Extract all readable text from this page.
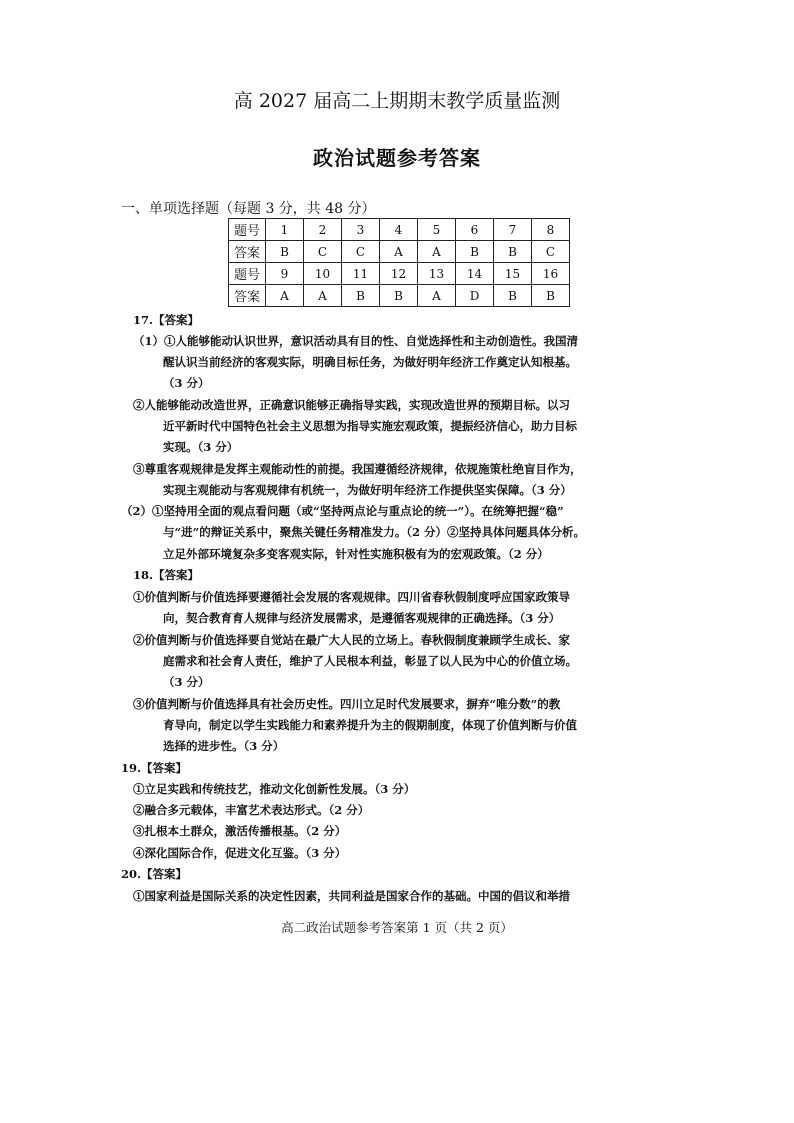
高 2027 届高二上期期末教学质量监测
政治试题参考答案
一、单项选择题（每题 3 分，共 48 分）
题号	1	2	3	4	5	6	7	8
答案	B	C	C	A	A	B	B	C
题号	9	10	11	12	13	14	15	16
答案	A	A	B	B	A	D	B	B
17.【答案】
（1）①人能够能动认识世界，意识活动具有目的性、自觉选择性和主动创造性。我国清
醒认识当前经济的客观实际，明确目标任务，为做好明年经济工作奠定认知根基。
（3 分）
②人能够能动改造世界，正确意识能够正确指导实践，实现改造世界的预期目标。以习
近平新时代中国特色社会主义思想为指导实施宏观政策，提振经济信心，助力目标
实现。（3 分）
③尊重客观规律是发挥主观能动性的前提。我国遵循经济规律，依规施策杜绝盲目作为，
实现主观能动与客观规律有机统一，为做好明年经济工作提供坚实保障。（3 分）
（2）①坚持用全面的观点看问题（或“坚持两点论与重点论的统一”）。在统筹把握“稳”
与“进”的辩证关系中，聚焦关键任务精准发力。（2 分）②坚持具体问题具体分析。
立足外部环境复杂多变客观实际，针对性实施积极有为的宏观政策。（2 分）
18.【答案】
①价值判断与价值选择要遵循社会发展的客观规律。四川省春秋假制度呼应国家政策导
向，契合教育育人规律与经济发展需求，是遵循客观规律的正确选择。（3 分）
②价值判断与价值选择要自觉站在最广大人民的立场上。春秋假制度兼顾学生成长、家
庭需求和社会育人责任，维护了人民根本利益，彰显了以人民为中心的价值立场。
（3 分）
③价值判断与价值选择具有社会历史性。四川立足时代发展要求，摒弃“唯分数”的教
育导向，制定以学生实践能力和素养提升为主的假期制度，体现了价值判断与价值
选择的进步性。（3 分）
19.【答案】
①立足实践和传统技艺，推动文化创新性发展。（3 分）
②融合多元载体，丰富艺术表达形式。（2 分）
③扎根本土群众，激活传播根基。（2 分）
④深化国际合作，促进文化互鉴。（3 分）
20.【答案】
①国家利益是国际关系的决定性因素，共同利益是国家合作的基础。中国的倡议和举措
高二政治试题参考答案第 1 页（共 2 页）
